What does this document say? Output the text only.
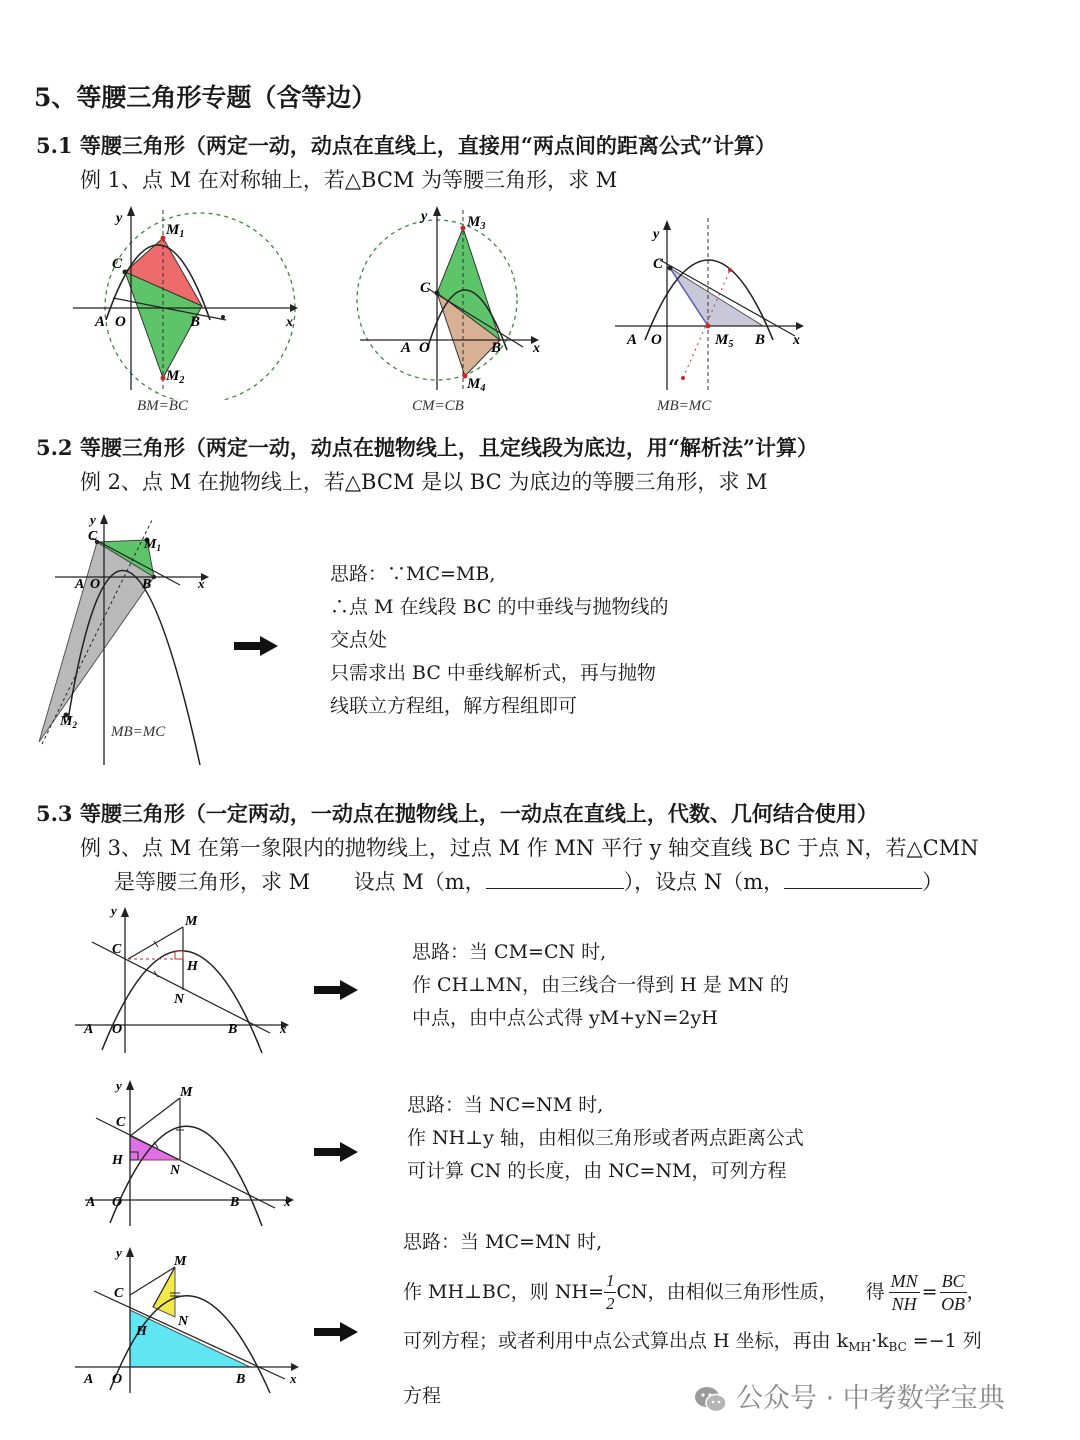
5、等腰三角形专题（含等边）
5.1 等腰三角形（两定一动，动点在直线上，直接用“两点间的距离公式”计算）
例 1、点 M 在对称轴上，若△BCM 为等腰三角形，求 M
y
x
C
A O	B
$M_1$
$M_2$
BM=BC
y
x
C
A O	B
$M_3$
$M_4$
CM=CB
y
x
C
A O	B
$M_5$
MB=MC
5.2 等腰三角形（两定一动，动点在抛物线上，且定线段为底边，用“解析法”计算）
例 2、点 M 在抛物线上，若△BCM 是以 BC 为底边的等腰三角形，求 M
y
x
C
A O	B
$M_1$
$M_2$ MB=MC
思路：∵MC=MB,
∴点 M 在线段 BC 的中垂线与抛物线的
交点处
只需求出 BC 中垂线解析式，再与抛物
线联立方程组，解方程组即可
5.3 等腰三角形（一定两动，一动点在抛物线上，一动点在直线上，代数、几何结合使用）
例 3、点 M 在第一象限内的抛物线上，过点 M 作 MN 平行 y 轴交直线 BC 于点 N，若△CMN
是等腰三角形，求 M 设点 M（m，	），设点 N（m，	）
y
x
C
A O	B
M
H
N
思路：当 CM=CN 时,
作 CH⊥MN，由三线合一得到 H 是 MN 的
中点，由中点公式得 yM+yN=2yH
y
x
C
H
A O	B
M
N
思路：当 NC=NM 时,
作 NH⊥y 轴，由相似三角形或者两点距离公式
可计算 CN 的长度，由 NC=NM，可列方程
y
x
C
H
A O	B
M
N
思路：当 MC=MN 时,
作 MH⊥BC，则 $NH= \frac{1}{2}$ CN，由相似三角形性质， 得 $\frac{MN}{NH} = \frac{BC}{OB}$ ，
可列方程；或者利用中点公式算出点 H 坐标，再由 $k_{MH}\cdot k_{BC} =-1$ 列
方程	公众号 · 中考数学宝典
